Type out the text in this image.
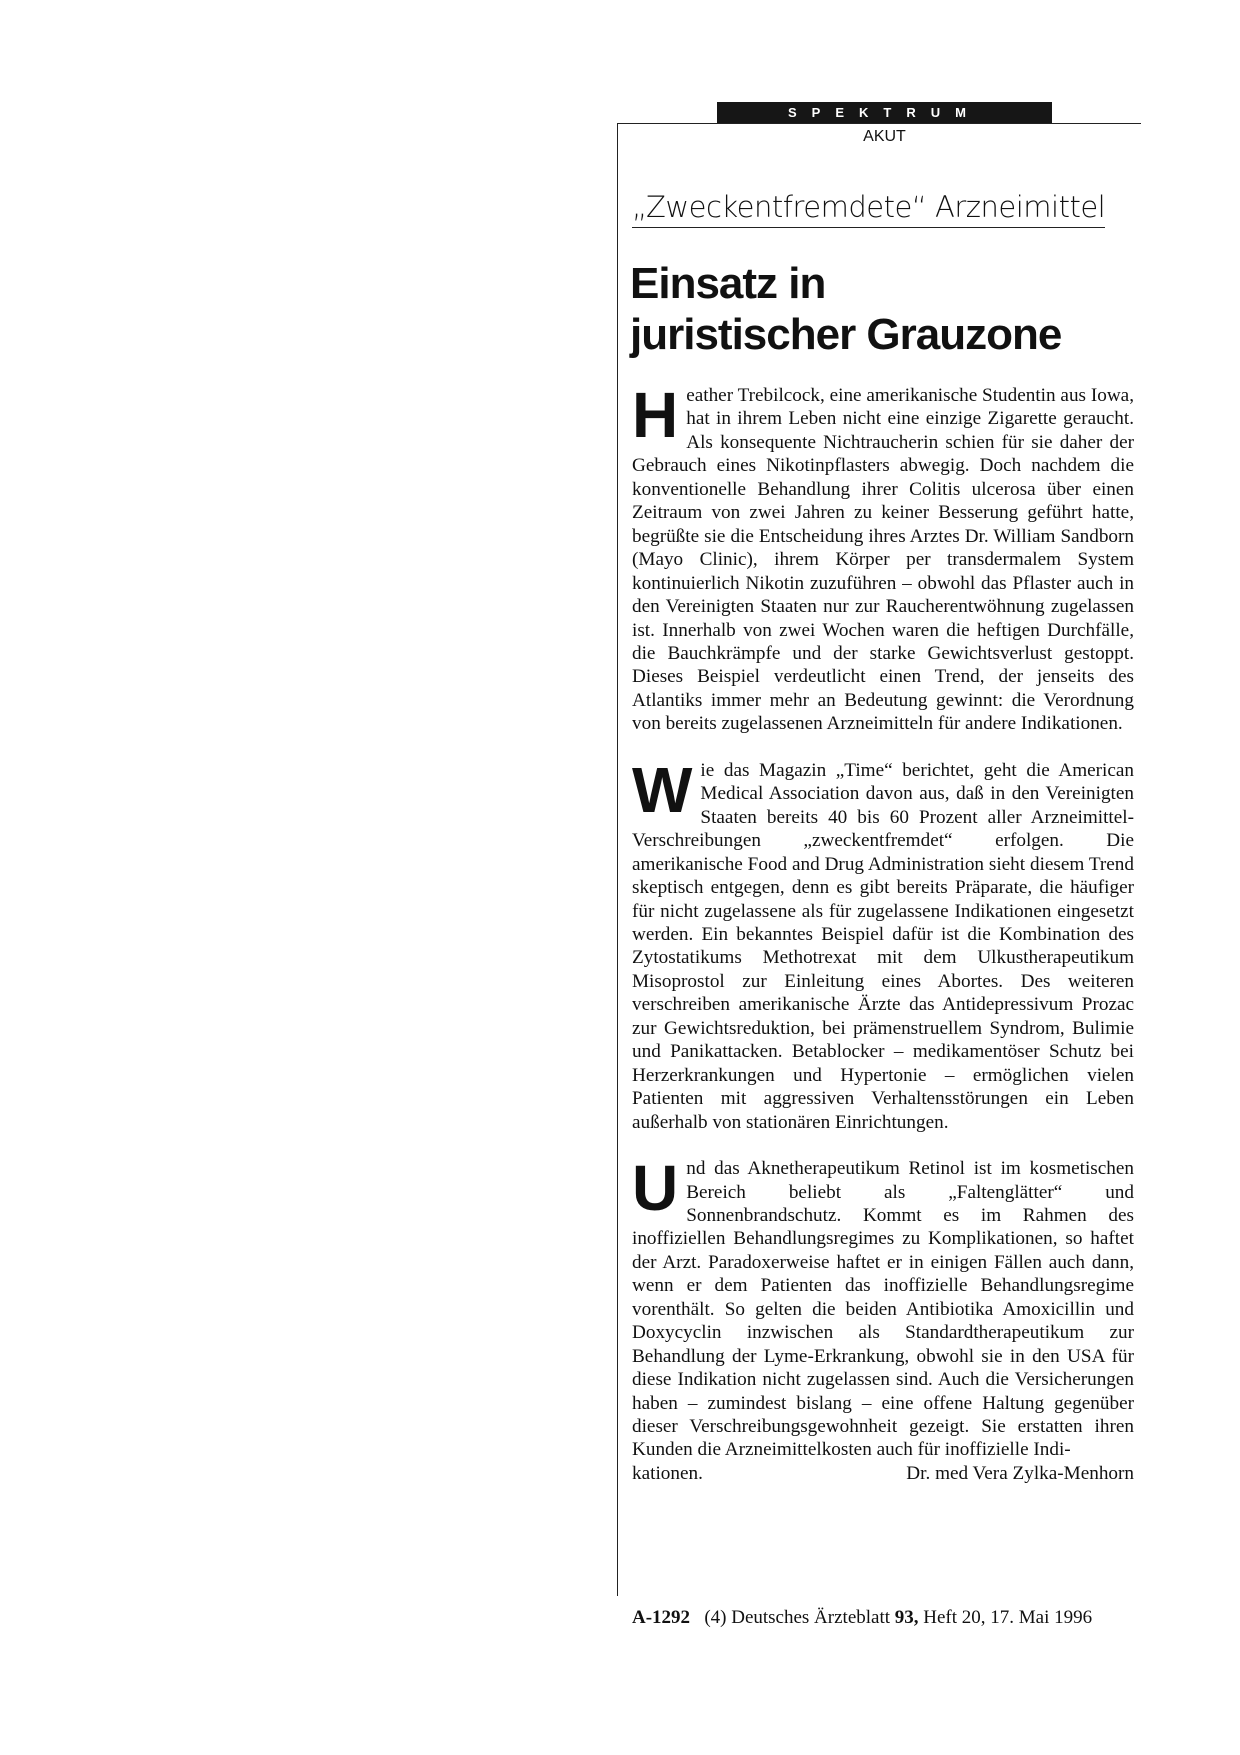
SPEKTRUM
AKUT
„Zweckentfremdete“ Arzneimittel
Einsatz in
juristischer Grauzone

Heather Trebilcock, eine amerikanische Studentin aus Iowa, hat in ihrem Leben nicht eine einzige Zigarette geraucht. Als konsequente Nichtraucherin schien für sie daher der Gebrauch eines Nikotinpflasters abwegig. Doch nachdem die konventionelle Behandlung ihrer Colitis ulcerosa über einen Zeitraum von zwei Jahren zu keiner Besserung geführt hatte, begrüßte sie die Entscheidung ihres Arztes Dr. William Sandborn (Mayo Clinic), ihrem Körper per transdermalem System kontinuierlich Nikotin zuzuführen – obwohl das Pflaster auch in den Vereinigten Staaten nur zur Raucherentwöhnung zugelassen ist. Innerhalb von zwei Wochen waren die heftigen Durchfälle, die Bauchkrämpfe und der starke Gewichtsverlust gestoppt. Dieses Beispiel verdeutlicht einen Trend, der jenseits des Atlantiks immer mehr an Bedeutung gewinnt: die Verordnung von bereits zugelassenen Arzneimitteln für andere Indikationen.

Wie das Magazin „Time“ berichtet, geht die American Medical Association davon aus, daß in den Vereinigten Staaten bereits 40 bis 60 Prozent aller Arzneimittel-Verschreibungen „zweckentfremdet“ erfolgen. Die amerikanische Food and Drug Administration sieht diesem Trend skeptisch entgegen, denn es gibt bereits Präparate, die häufiger für nicht zugelassene als für zugelassene Indikationen eingesetzt werden. Ein bekanntes Beispiel dafür ist die Kombination des Zytostatikums Methotrexat mit dem Ulkustherapeutikum Misoprostol zur Einleitung eines Abortes. Des weiteren verschreiben amerikanische Ärzte das Antidepressivum Prozac zur Gewichtsreduktion, bei prämenstruellem Syndrom, Bulimie und Panikattacken. Betablocker – medikamentöser Schutz bei Herzerkrankungen und Hypertonie – ermöglichen vielen Patienten mit aggressiven Verhaltensstörungen ein Leben außerhalb von stationären Einrichtungen.

Und das Aknetherapeutikum Retinol ist im kosmetischen Bereich beliebt als „Faltenglätter“ und Sonnenbrandschutz. Kommt es im Rahmen des inoffiziellen Behandlungsregimes zu Komplikationen, so haftet der Arzt. Paradoxerweise haftet er in einigen Fällen auch dann, wenn er dem Patienten das inoffizielle Behandlungsregime vorenthält. So gelten die beiden Antibiotika Amoxicillin und Doxycyclin inzwischen als Standardtherapeutikum zur Behandlung der Lyme-Erkrankung, obwohl sie in den USA für diese Indikation nicht zugelassen sind. Auch die Versicherungen haben – zumindest bislang – eine offene Haltung gegenüber dieser Verschreibungsgewohnheit gezeigt. Sie erstatten ihren Kunden die Arzneimittelkosten auch für inoffizielle Indi-

kationen.	Dr. med Vera Zylka-Menhorn
A-1292 (4) Deutsches Ärzteblatt 93, Heft 20, 17. Mai 1996
